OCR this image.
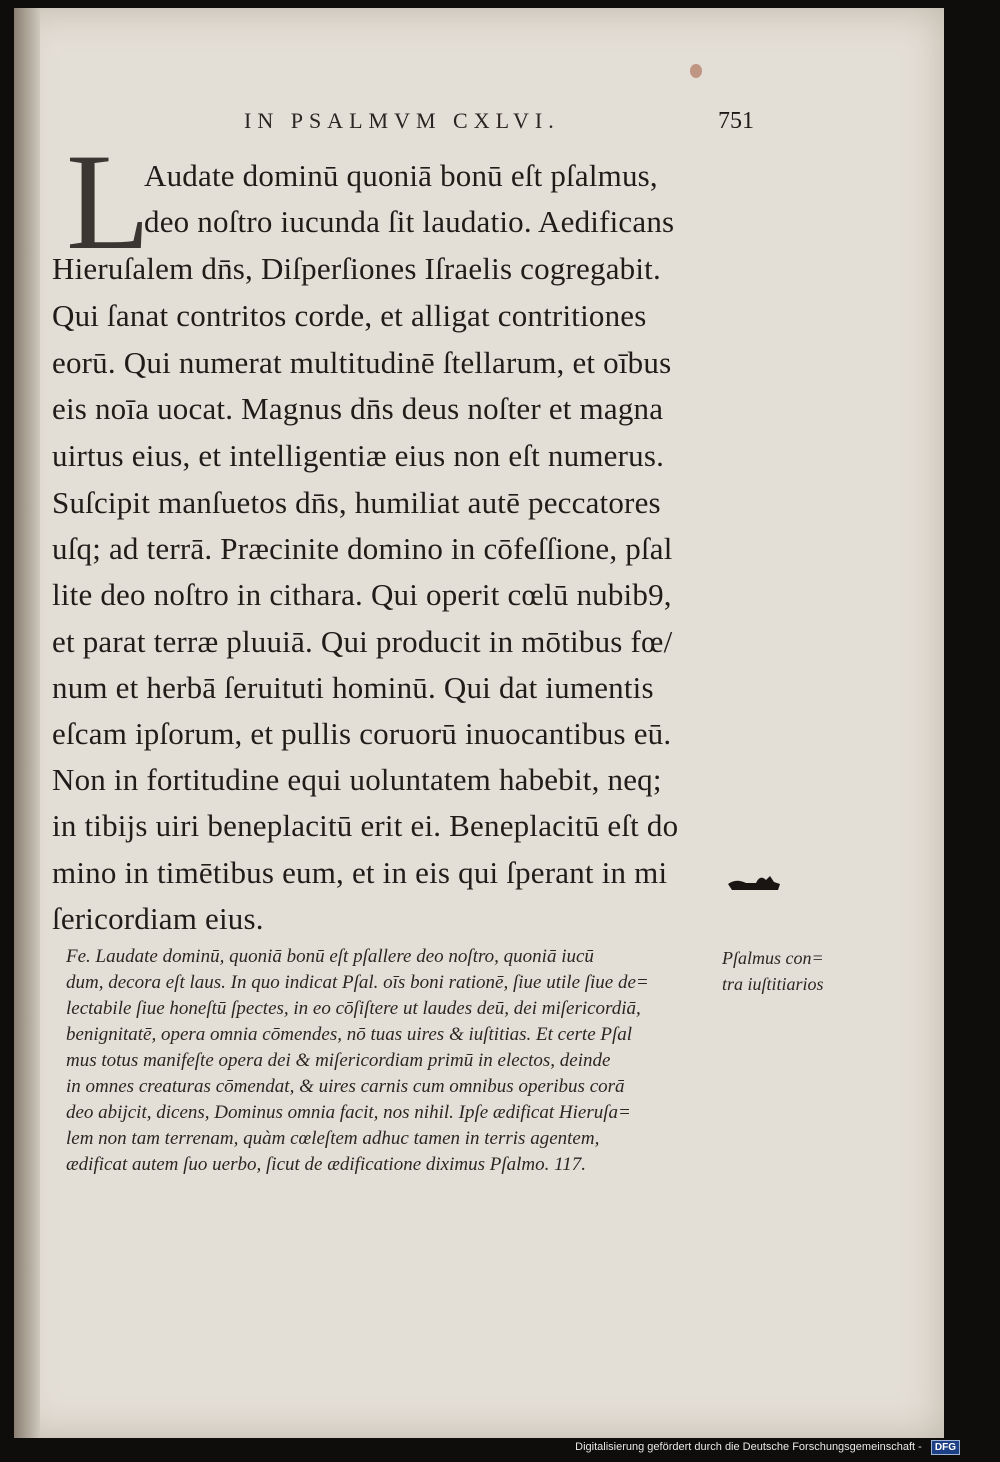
IN PSALMVM CXLVI.	751
L
Audate dominū quoniā bonū eſt pſalmus,
deo noſtro iucunda ſit laudatio. Aedificans
Hieruſalem dn̄s, Diſperſiones Iſraelis cogregabit.
Qui ſanat contritos corde, et alligat contritiones
eorū. Qui numerat multitudinē ſtellarum, et oībus
eis noīa uocat. Magnus dn̄s deus noſter et magna
uirtus eius, et intelligentiæ eius non eſt numerus.
Suſcipit manſuetos dn̄s, humiliat autē peccatores
uſq; ad terrā. Præcinite domino in cōfeſſione, pſal
lite deo noſtro in cithara. Qui operit cœlū nubib9,
et parat terræ pluuiā. Qui producit in mōtibus fœ/
num et herbā ſeruituti hominū. Qui dat iumentis
eſcam ipſorum, et pullis coruorū inuocantibus eū.
Non in fortitudine equi uoluntatem habebit, neq;
in tibijs uiri beneplacitū erit ei. Beneplacitū eſt do
mino in timētibus eum, et in eis qui ſperant in mi
ſericordiam eius.
Fe. Laudate dominū, quoniā bonū eſt pſallere deo noſtro, quoniā iucū
dum, decora eſt laus. In quo indicat Pſal. oīs boni rationē, ſiue utile ſiue de=
lectabile ſiue honeſtū ſpectes, in eo cōſiſtere ut laudes deū, dei miſericordiā,
benignitatē, opera omnia cōmendes, nō tuas uires & iuſtitias. Et certe Pſal
mus totus manifeſte opera dei & miſericordiam primū in electos, deinde
in omnes creaturas cōmendat, & uires carnis cum omnibus operibus corā
deo abijcit, dicens, Dominus omnia facit, nos nihil. Ipſe ædificat Hieruſa=
lem non tam terrenam, quàm cœleſtem adhuc tamen in terris agentem,
ædificat autem ſuo uerbo, ſicut de ædificatione diximus Pſalmo. 117.
Pſalmus con=
tra iuſtitiarios
Digitalisierung gefördert durch die Deutsche Forschungsgemeinschaft - DFG
